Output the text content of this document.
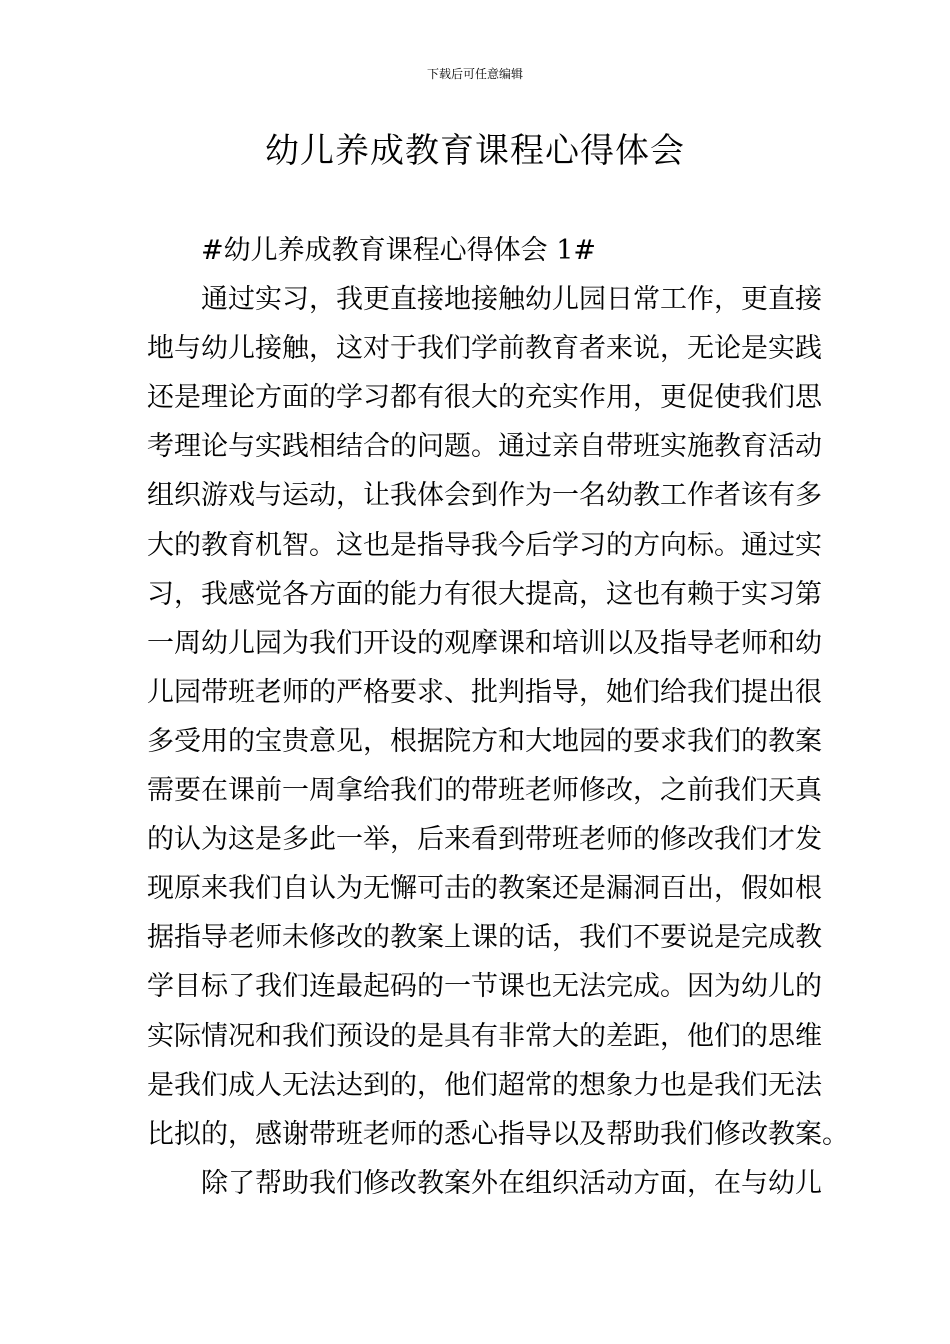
下载后可任意编辑
幼儿养成教育课程心得体会
#幼儿养成教育课程心得体会 1#
通过实习，我更直接地接触幼儿园日常工作，更直接
地与幼儿接触，这对于我们学前教育者来说，无论是实践
还是理论方面的学习都有很大的充实作用，更促使我们思
考理论与实践相结合的问题。通过亲自带班实施教育活动
组织游戏与运动，让我体会到作为一名幼教工作者该有多
大的教育机智。这也是指导我今后学习的方向标。通过实
习，我感觉各方面的能力有很大提高，这也有赖于实习第
一周幼儿园为我们开设的观摩课和培训以及指导老师和幼
儿园带班老师的严格要求、批判指导，她们给我们提出很
多受用的宝贵意见，根据院方和大地园的要求我们的教案
需要在课前一周拿给我们的带班老师修改，之前我们天真
的认为这是多此一举，后来看到带班老师的修改我们才发
现原来我们自认为无懈可击的教案还是漏洞百出，假如根
据指导老师未修改的教案上课的话，我们不要说是完成教
学目标了我们连最起码的一节课也无法完成。因为幼儿的
实际情况和我们预设的是具有非常大的差距，他们的思维
是我们成人无法达到的，他们超常的想象力也是我们无法
比拟的，感谢带班老师的悉心指导以及帮助我们修改教案。
除了帮助我们修改教案外在组织活动方面，在与幼儿
